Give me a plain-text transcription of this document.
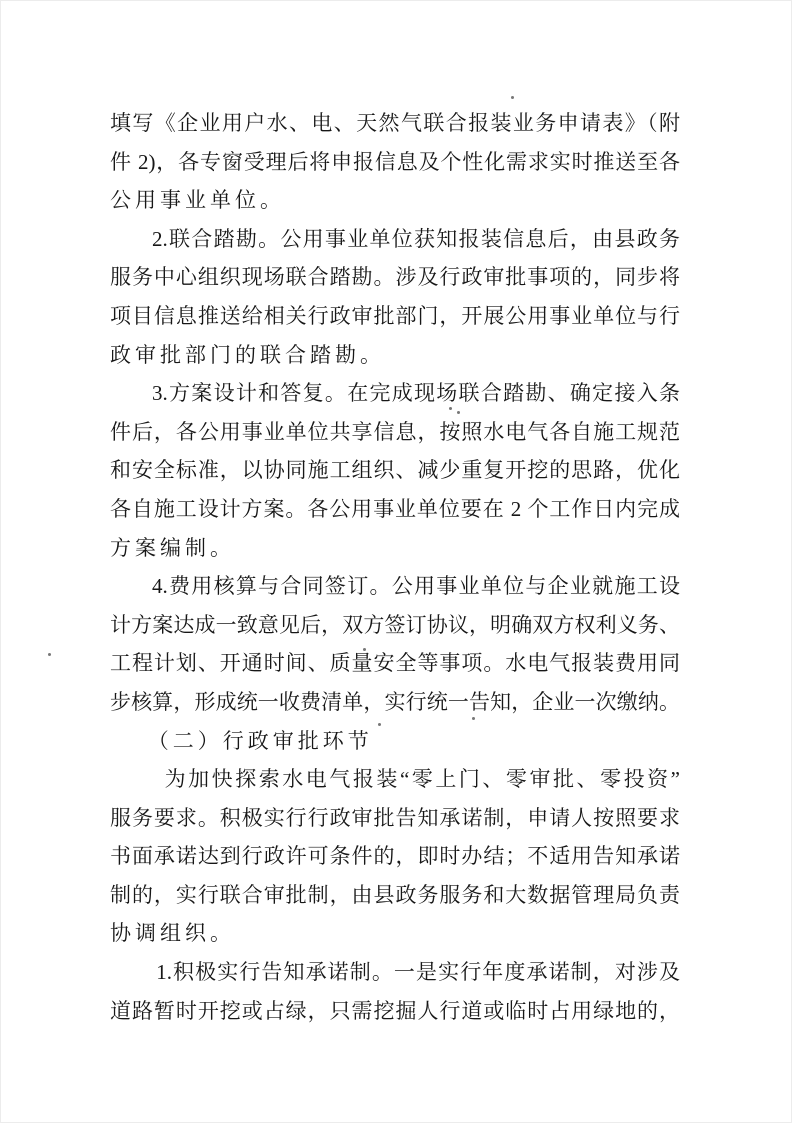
填写《企业用户水、电、天然气联合报装业务申请表》（附

件 2)，各专窗受理后将申报信息及个性化需求实时推送至各

公用事业单位。

2.联合踏勘。公用事业单位获知报装信息后，由县政务

服务中心组织现场联合踏勘。涉及行政审批事项的，同步将

项目信息推送给相关行政审批部门，开展公用事业单位与行

政审批部门的联合踏勘。

3.方案设计和答复。在完成现场联合踏勘、确定接入条

件后，各公用事业单位共享信息，按照水电气各自施工规范

和安全标准，以协同施工组织、减少重复开挖的思路，优化

各自施工设计方案。各公用事业单位要在 2 个工作日内完成

方案编制。

4.费用核算与合同签订。公用事业单位与企业就施工设

计方案达成一致意见后，双方签订协议，明确双方权利义务、

工程计划、开通时间、质量安全等事项。水电气报装费用同

步核算，形成统一收费清单，实行统一告知，企业一次缴纳。

（二）行政审批环节

为加快探索水电气报装“零上门、零审批、零投资”

服务要求。积极实行行政审批告知承诺制，申请人按照要求

书面承诺达到行政许可条件的，即时办结；不适用告知承诺

制的，实行联合审批制，由县政务服务和大数据管理局负责

协调组织。

1.积极实行告知承诺制。一是实行年度承诺制，对涉及

道路暂时开挖或占绿，只需挖掘人行道或临时占用绿地的，
